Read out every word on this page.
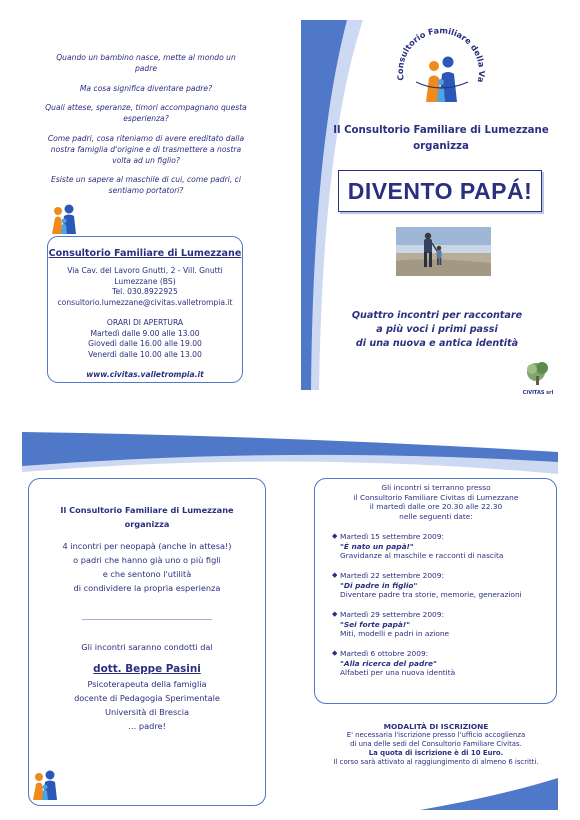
Quando un bambino nasce, mette al mondo un padre

Ma cosa significa diventare padre?

Quali attese, speranze, timori accompagnano questa esperienza?

Come padri, cosa riteniamo di avere ereditato dalla nostra famiglia d'origine e di trasmettere a nostra volta ad un figlio?

Esiste un sapere al maschile di cui, come padri, ci sentiamo portatori?

Consultorio Familiare di Lumezzane
Via Cav. del Lavoro Gnutti, 2 - Vill. Gnutti
Lumezzane (BS)
Tel. 030.8922925
consultorio.lumezzane@civitas.valletrompia.it
ORARI DI APERTURA
Martedì dalle 9.00 alle 13.00
Giovedì dalle 16.00 alle 19.00
Venerdì dalle 10.00 alle 13.00
www.civitas.valletrompia.it
Consultorio Familiare della Va
Il Consultorio Familiare di Lumezzane
organizza
DIVENTO PAPÁ!

Quattro incontri per raccontare

a più voci i primi passi

di una nuova e antica identità

CIVITAS srl
Il Consultorio Familiare di Lumezzane
organizza
4 incontri per neopapà (anche in attesa!)
o padri che hanno già uno o più figli
e che sentono l'utilità
di condividere la propria esperienza
Gli incontri saranno condotti dal
dott. Beppe Pasini
Psicoterapeuta della famiglia
docente di Pedagogia Sperimentale
Università di Brescia
… padre!
Gli incontri si terranno presso
il Consultorio Familiare Civitas di Lumezzane
il martedì dalle ore 20.30 alle 22.30
nelle seguenti date:
◆ Martedì 15 settembre 2009:
"È nato un papà!"
Gravidanze al maschile e racconti di nascita
◆ Martedì 22 settembre 2009:
"Di padre in figlio"
Diventare padre tra storie, memorie, generazioni
◆ Martedì 29 settembre 2009:
"Sei forte papà!"
Miti, modelli e padri in azione
◆ Martedì 6 ottobre 2009:
"Alla ricerca del padre"
Alfabeti per una nuova identità

MODALITÀ DI ISCRIZIONE

E' necessaria l'iscrizione presso l'ufficio accoglienza

di una delle sedi del Consultorio Familiare Civitas.

La quota di iscrizione è di 10 Euro.

Il corso sarà attivato al raggiungimento di almeno 6 iscritti.
